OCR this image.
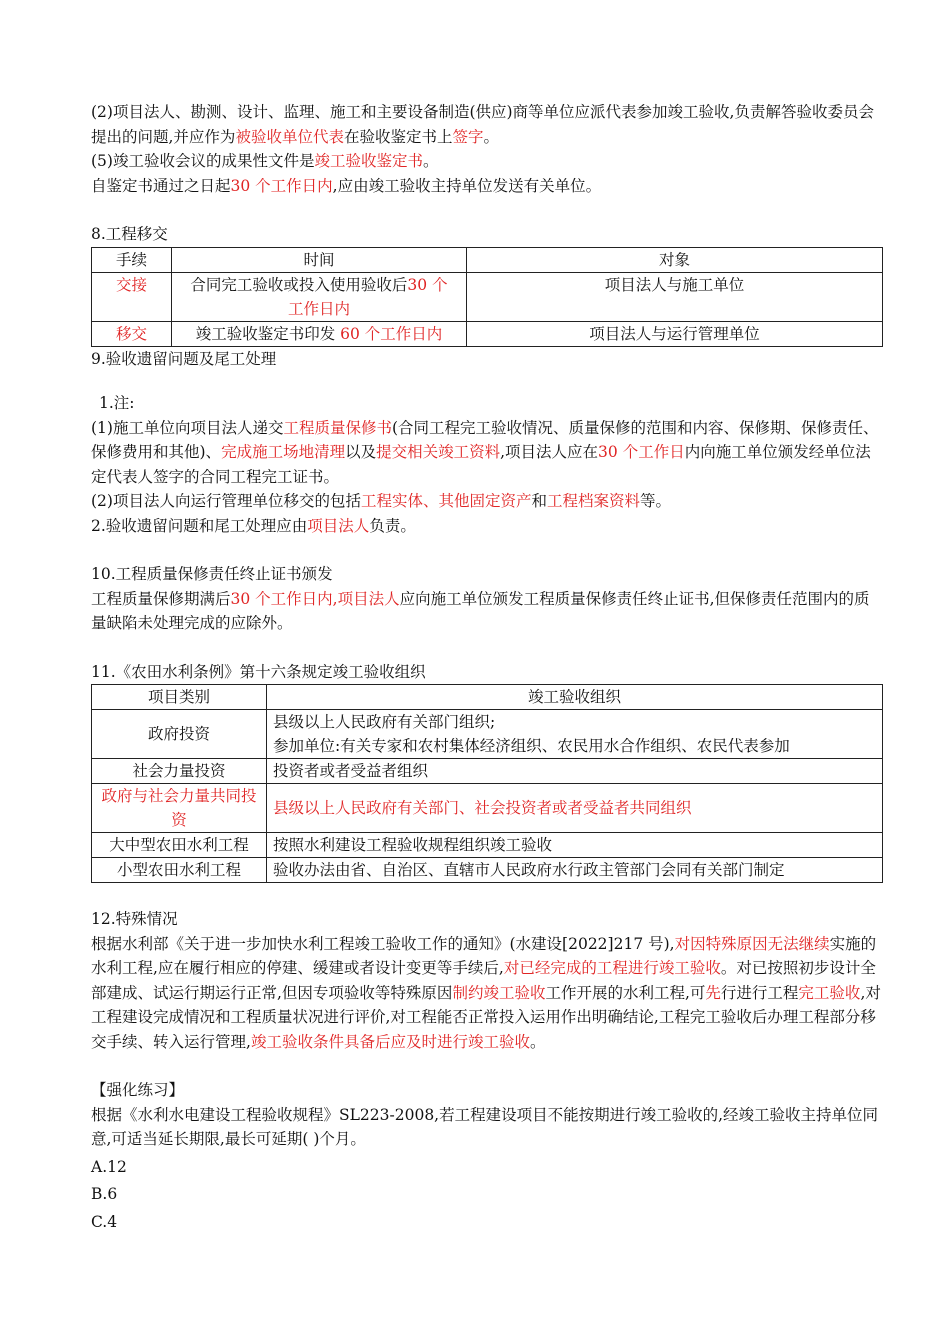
(2)项目法人、勘测、设计、监理、施工和主要设备制造(供应)商等单位应派代表参加竣工验收,负责解答验收委员会提出的问题,并应作为被验收单位代表在验收鉴定书上签字。

(5)竣工验收会议的成果性文件是竣工验收鉴定书。

自鉴定书通过之日起30 个工作日内,应由竣工验收主持单位发送有关单位。

8.工程移交

手续	时间	对象
交接	合同完工验收或投入使用验收后30 个工作日内	项目法人与施工单位
移交	竣工验收鉴定书印发 60 个工作日内	项目法人与运行管理单位

9.验收遗留问题及尾工处理

1.注:

(1)施工单位向项目法人递交工程质量保修书(合同工程完工验收情况、质量保修的范围和内容、保修期、保修责任、保修费用和其他)、完成施工场地清理以及提交相关竣工资料,项目法人应在30 个工作日内向施工单位颁发经单位法定代表人签字的合同工程完工证书。

(2)项目法人向运行管理单位移交的包括工程实体、其他固定资产和工程档案资料等。

2.验收遗留问题和尾工处理应由项目法人负责。

10.工程质量保修责任终止证书颁发

工程质量保修期满后30 个工作日内,项目法人应向施工单位颁发工程质量保修责任终止证书,但保修责任范围内的质量缺陷未处理完成的应除外。

11.《农田水利条例》第十六条规定竣工验收组织

项目类别	竣工验收组织
政府投资	县级以上人民政府有关部门组织;
参加单位:有关专家和农村集体经济组织、农民用水合作组织、农民代表参加

社会力量投资	投资者或者受益者组织
政府与社会力量共同投资	县级以上人民政府有关部门、社会投资者或者受益者共同组织
大中型农田水利工程	按照水利建设工程验收规程组织竣工验收
小型农田水利工程	验收办法由省、自治区、直辖市人民政府水行政主管部门会同有关部门制定

12.特殊情况

根据水利部《关于进一步加快水利工程竣工验收工作的通知》(水建设[2022]217 号),对因特殊原因无法继续实施的水利工程,应在履行相应的停建、缓建或者设计变更等手续后,对已经完成的工程进行竣工验收。对已按照初步设计全部建成、试运行期运行正常,但因专项验收等特殊原因制约竣工验收工作开展的水利工程,可先行进行工程完工验收,对工程建设完成情况和工程质量状况进行评价,对工程能否正常投入运用作出明确结论,工程完工验收后办理工程部分移交手续、转入运行管理,竣工验收条件具备后应及时进行竣工验收。

【强化练习】

根据《水利水电建设工程验收规程》SL223-2008,若工程建设项目不能按期进行竣工验收的,经竣工验收主持单位同意,可适当延长期限,最长可延期( )个月。

A.12

B.6

C.4
